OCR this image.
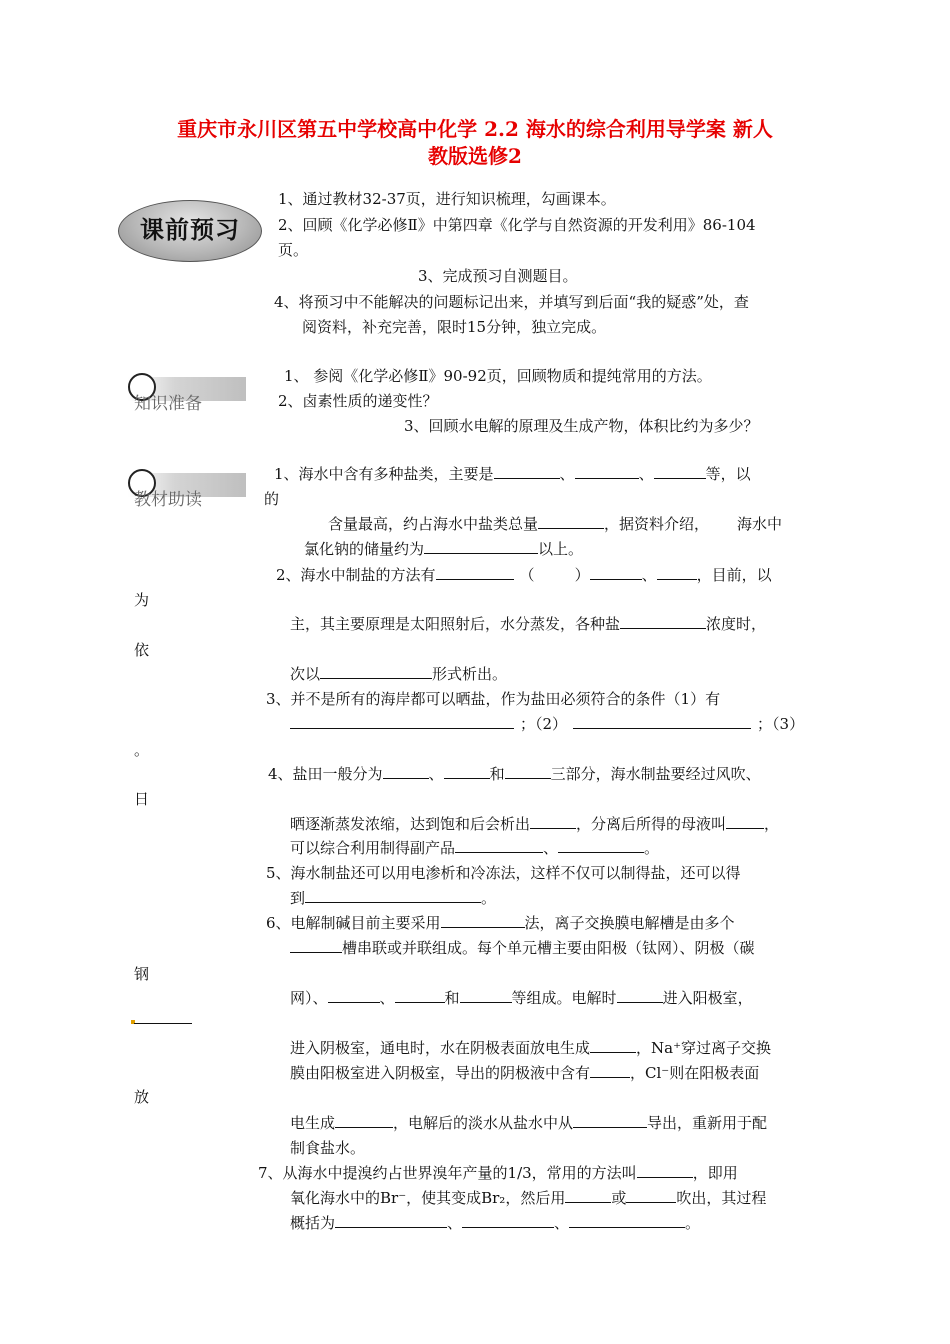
重庆市永川区第五中学校高中化学 2.2 海水的综合利用导学案 新人
教版选修2
课前预习
1、通过教材32-37页，进行知识梳理，勾画课本。
2、回顾《化学必修Ⅱ》中第四章《化学与自然资源的开发利用》86-104
页。
3、完成预习自测题目。
4、将预习中不能解决的问题标记出来，并填写到后面“我的疑惑”处，查
阅资料，补充完善，限时15分钟，独立完成。
知识准备
1、 参阅《化学必修Ⅱ》90-92页，回顾物质和提纯常用的方法。
2、卤素性质的递变性？
3、回顾水电解的原理及生成产物，体积比约为多少？
教材助读
为
依
。
日
钢
放
1、海水中含有多种盐类，主要是	、	、	等，以
的
含量最高，约占海水中盐类总量	，据资料介绍， 海水中
氯化钠的储量约为	以上。
2、海水中制盐的方法有	（	）	、	，目前，以
主，其主要原理是太阳照射后，水分蒸发，各种盐	浓度时，
次以	形式析出。
3、并不是所有的海岸都可以晒盐，作为盐田必须符合的条件（1）有
；（2）	；（3）
4、盐田一般分为	、	和	三部分，海水制盐要经过风吹、
晒逐渐蒸发浓缩，达到饱和后会析出	，分离后所得的母液叫	，
可以综合利用制得副产品	、	。
5、海水制盐还可以用电渗析和冷冻法，这样不仅可以制得盐，还可以得
到	。
6、电解制碱目前主要采用	法，离子交换膜电解槽是由多个
槽串联或并联组成。每个单元槽主要由阳极（钛网）、阴极（碳
网）、	、	和	等组成。电解时	进入阳极室，
进入阴极室，通电时，水在阴极表面放电生成	，Na⁺穿过离子交换
膜由阳极室进入阴极室，导出的阴极液中含有	，Cl⁻则在阳极表面
电生成	，电解后的淡水从盐水中从	导出，重新用于配
制食盐水。
7、从海水中提溴约占世界溴年产量的1/3，常用的方法叫	，即用
氧化海水中的Br⁻，使其变成Br₂，然后用	或	吹出，其过程
概括为	、	、	。
